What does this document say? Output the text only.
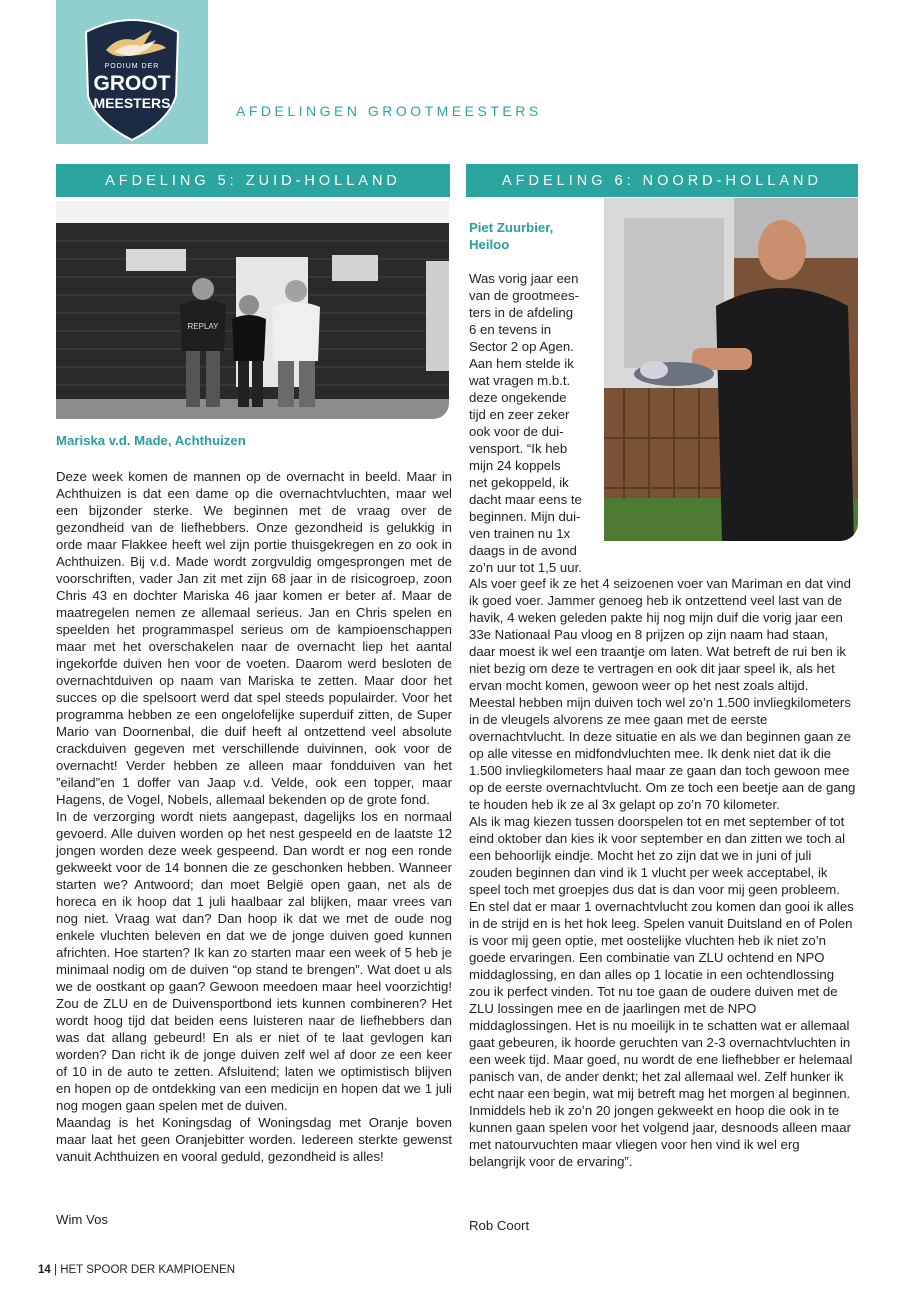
PODIUM DER
GROOT
MEESTERS	AFDELINGEN GROOTMEESTERS
AFDELING 5: ZUID-HOLLAND	AFDELING 6: NOORD-HOLLAND
REPLAY
Mariska v.d. Made, Achthuizen

Deze week komen de mannen op de overnacht in beeld. Maar in Achthuizen is dat een dame op die overnachtvluchten, maar wel een bijzonder sterke. We beginnen met de vraag over de gezondheid van de liefhebbers. Onze gezondheid is gelukkig in orde maar Flakkee heeft wel zijn portie thuisgekregen en zo ook in Achthuizen. Bij v.d. Made wordt zorgvuldig omgesprongen met de voorschriften, vader Jan zit met zijn 68 jaar in de risicogroep, zoon Chris 43 en dochter Mariska 46 jaar komen er beter af. Maar de maatregelen nemen ze allemaal serieus. Jan en Chris spelen en speelden het programmaspel serieus om de kampioenschappen maar met het overschakelen naar de overnacht liep het aantal ingekorfde duiven hen voor de voeten. Daarom werd besloten de overnachtduiven op naam van Mariska te zetten. Maar door het succes op die spelsoort werd dat spel steeds populairder. Voor het programma hebben ze een ongelofelijke superduif zitten, de Super Mario van Doornenbal, die duif heeft al ontzettend veel absolute crackduiven gegeven met verschillende duivinnen, ook voor de overnacht! Verder hebben ze alleen maar fondduiven van het ”eiland”en 1 doffer van Jaap v.d. Velde, ook een topper, maar Hagens, de Vogel, Nobels, allemaal bekenden op de grote fond.

In de verzorging wordt niets aangepast, dagelijks los en normaal gevoerd. Alle duiven worden op het nest gespeeld en de laatste 12 jongen worden deze week gespeend. Dan wordt er nog een ronde gekweekt voor de 14 bonnen die ze geschonken hebben. Wanneer starten we? Antwoord; dan moet België open gaan, net als de horeca en ik hoop dat 1 juli haalbaar zal blijken, maar vrees van nog niet. Vraag wat dan? Dan hoop ik dat we met de oude nog enkele vluchten beleven en dat we de jonge duiven goed kunnen africhten. Hoe starten? Ik kan zo starten maar een week of 5 heb je minimaal nodig om de duiven “op stand te brengen”. Wat doet u als we de oostkant op gaan? Gewoon meedoen maar heel voorzichtig! Zou de ZLU en de Duivensportbond iets kunnen combineren? Het wordt hoog tijd dat beiden eens luisteren naar de liefhebbers dan was dat allang gebeurd! En als er niet of te laat gevlogen kan worden? Dan richt ik de jonge duiven zelf wel af door ze een keer of 10 in de auto te zetten. Afsluitend; laten we optimistisch blijven en hopen op de ontdekking van een medicijn en hopen dat we 1 juli nog mogen gaan spelen met de duiven.

Maandag is het Koningsdag of Woningsdag met Oranje boven maar laat het geen Oranjebitter worden. Iedereen sterkte gewenst vanuit Achthuizen en vooral geduld, gezondheid is alles!

Wim Vos
Piet Zuurbier, Heiloo
Was vorig jaar een
van de grootmees-
ters in de afdeling
6 en tevens in
Sector 2 op Agen.
Aan hem stelde ik
wat vragen m.b.t.
deze ongekende
tijd en zeer zeker
ook voor de dui-
vensport. “Ik heb
mijn 24 koppels
net gekoppeld, ik
dacht maar eens te
beginnen. Mijn dui-
ven trainen nu 1x
daags in de avond
zo’n uur tot 1,5 uur.

Als voer geef ik ze het 4 seizoenen voer van Mariman en dat vind ik goed voer. Jammer genoeg heb ik ontzettend veel last van de havik, 4 weken geleden pakte hij nog mijn duif die vorig jaar een 33e Nationaal Pau vloog en 8 prijzen op zijn naam had staan, daar moest ik wel een traantje om laten. Wat betreft de rui ben ik niet bezig om deze te vertragen en ook dit jaar speel ik, als het ervan mocht komen, gewoon weer op het nest zoals altijd. Meestal hebben mijn duiven toch wel zo’n 1.500 invliegkilometers in de vleugels alvorens ze mee gaan met de eerste overnachtvlucht. In deze situatie en als we dan beginnen gaan ze op alle vitesse en midfondvluchten mee. Ik denk niet dat ik die 1.500 invliegkilometers haal maar ze gaan dan toch gewoon mee op de eerste overnachtvlucht. Om ze toch een beetje aan de gang te houden heb ik ze al 3x gelapt op zo’n 70 kilometer.

Als ik mag kiezen tussen doorspelen tot en met september of tot eind oktober dan kies ik voor september en dan zitten we toch al een behoorlijk eindje. Mocht het zo zijn dat we in juni of juli zouden beginnen dan vind ik 1 vlucht per week acceptabel, ik speel toch met groepjes dus dat is dan voor mij geen probleem. En stel dat er maar 1 overnachtvlucht zou komen dan gooi ik alles in de strijd en is het hok leeg. Spelen vanuit Duitsland en of Polen is voor mij geen optie, met oostelijke vluchten heb ik niet zo’n goede ervaringen. Een combinatie van ZLU ochtend en NPO middaglossing, en dan alles op 1 locatie in een ochtendlossing zou ik perfect vinden. Tot nu toe gaan de oudere duiven met de ZLU lossingen mee en de jaarlingen met de NPO middaglossingen. Het is nu moeilijk in te schatten wat er allemaal gaat gebeuren, ik hoorde geruchten van 2-3 overnachtvluchten in een week tijd. Maar goed, nu wordt de ene liefhebber er helemaal panisch van, de ander denkt; het zal allemaal wel. Zelf hunker ik echt naar een begin, wat mij betreft mag het morgen al beginnen. Inmiddels heb ik zo’n 20 jongen gekweekt en hoop die ook in te kunnen gaan spelen voor het volgend jaar, desnoods alleen maar met natourvuchten maar vliegen voor hen vind ik wel erg belangrijk voor de ervaring”.

Rob Coort
14 | HET SPOOR DER KAMPIOENEN
